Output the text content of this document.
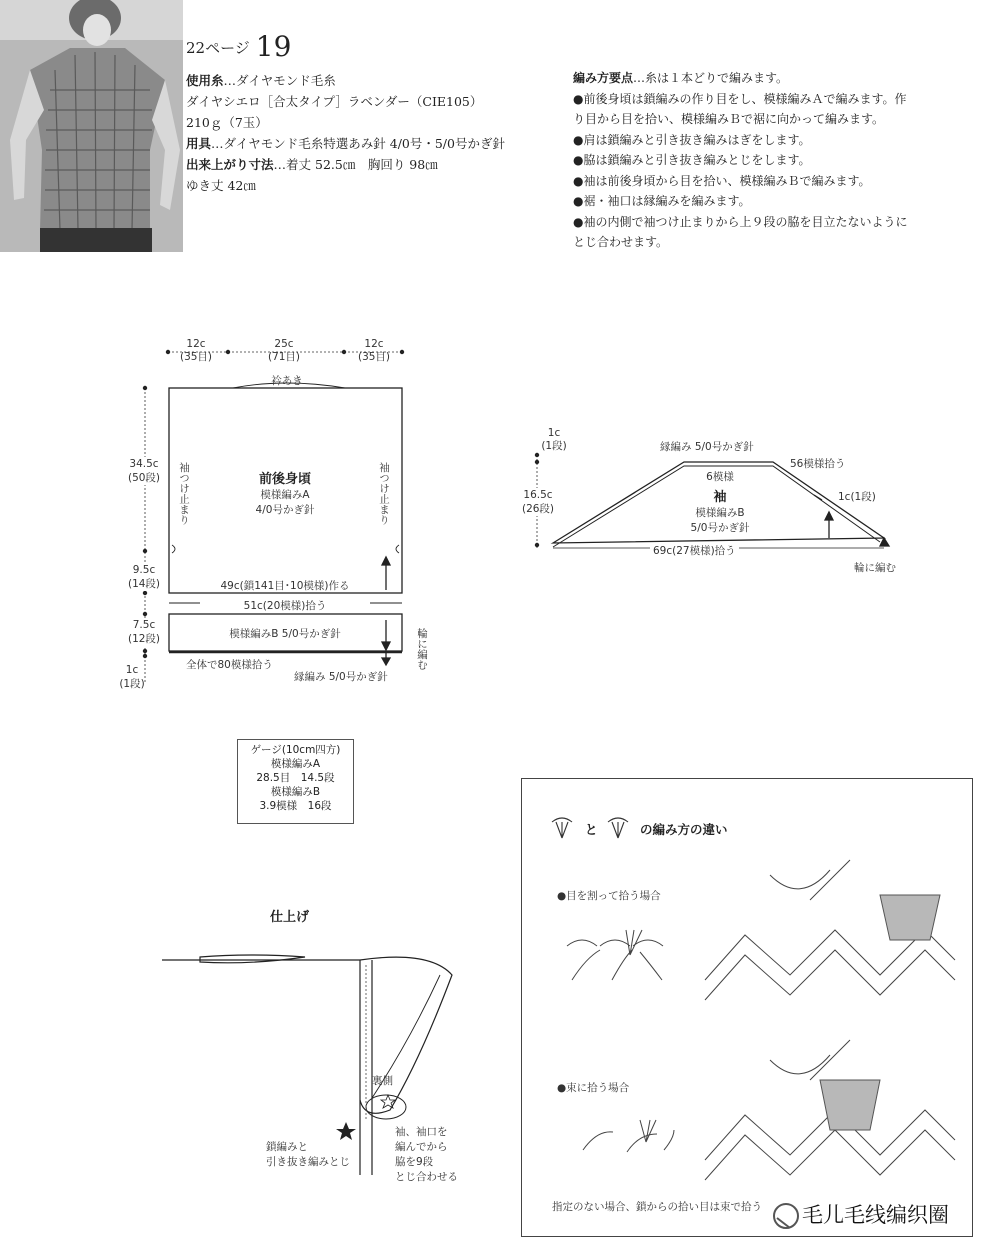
22ページ 19
使用糸…ダイヤモンド毛糸
ダイヤシエロ［合太タイプ］ラベンダー（CIE105）
210ｇ（7玉）
用具…ダイヤモンド毛糸特選あみ針 4/0号・5/0号かぎ針
出来上がり寸法…着丈 52.5㎝　胸回り 98㎝
ゆき丈 42㎝
編み方要点…糸は１本どりで編みます。
●前後身頃は鎖編みの作り目をし、模様編みＡで編みます。作り目から目を拾い、模様編みＢで裾に向かって編みます。
●肩は鎖編みと引き抜き編みはぎをします。
●脇は鎖編みと引き抜き編みとじをします。
●袖は前後身頃から目を拾い、模様編みＢで編みます。
●裾・袖口は縁編みを編みます。
●袖の内側で袖つけ止まりから上９段の脇を目立たないようにとじ合わせます。
12c
(35目)
25c
(71目)
12c
(35目)
衿あき
34.5c
(50段)
9.5c
(14段)
7.5c
(12段)
1c
(1段)
袖つけ止まり	袖つけ止まり
前後身頃
模様編みA
4/0号かぎ針
49c(鎖141目･10模様)作る
51c(20模様)拾う
模様編みB 5/0号かぎ針	輪に編む
全体で80模様拾う
縁編み 5/0号かぎ針
1c
(1段)
16.5c
(26段)
縁編み 5/0号かぎ針
6模様
56模様拾う
1c(1段)
袖
模様編みB
5/0号かぎ針
69c(27模様)拾う
輪に編む
ゲージ(10cm四方)
模様編みA
28.5目　14.5段
模様編みB
3.9模様　16段
仕上げ
裏側
鎖編みと
引き抜き編みとじ
袖、袖口を
編んでから
脇を9段
とじ合わせる
と	の編み方の違い
●目を割って拾う場合
●束に拾う場合
指定のない場合、鎖からの拾い目は束で拾う 毛儿毛线编织圈
